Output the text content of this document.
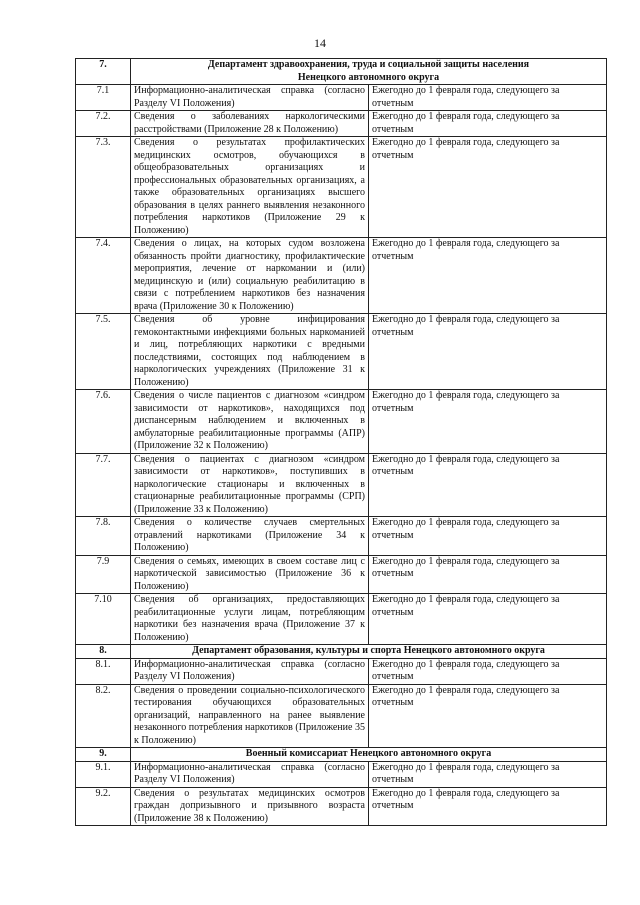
14
7.	Департамент здравоохранения, труда и социальной защиты населения
Ненецкого автономного округа	
7.1	Информационно-аналитическая справка (согласно Разделу VI Положения)	Ежегодно до 1 февраля года, следующего за отчетным
7.2.	Сведения о заболеваниях наркологическими расстройствами (Приложение 28 к Положению)	Ежегодно до 1 февраля года, следующего за отчетным
7.3.	Сведения о результатах профилактических медицинских осмотров, обучающихся в общеобразовательных организациях и профессиональных образовательных организациях, а также образовательных организациях высшего образования в целях раннего выявления незаконного потребления наркотиков (Приложение 29 к Положению)	Ежегодно до 1 февраля года, следующего за отчетным
7.4.	Сведения о лицах, на которых судом возложена обязанность пройти диагностику, профилактические мероприятия, лечение от наркомании и (или) медицинскую и (или) социальную реабилитацию в связи с потреблением наркотиков без назначения врача (Приложение 30 к Положению)	Ежегодно до 1 февраля года, следующего за отчетным
7.5.	Сведения об уровне инфицирования гемоконтактными инфекциями больных наркоманией и лиц, потребляющих наркотики с вредными последствиями, состоящих под наблюдением в наркологических учреждениях (Приложение 31 к Положению)	Ежегодно до 1 февраля года, следующего за отчетным
7.6.	Сведения о числе пациентов с диагнозом «синдром зависимости от наркотиков», находящихся под диспансерным наблюдением и включенных в амбулаторные реабилитационные программы (АПР) (Приложение 32 к Положению)	Ежегодно до 1 февраля года, следующего за отчетным
7.7.	Сведения о пациентах с диагнозом «синдром зависимости от наркотиков», поступивших в наркологические стационары и включенных в стационарные реабилитационные программы (СРП) (Приложение 33 к Положению)	Ежегодно до 1 февраля года, следующего за отчетным
7.8.	Сведения о количестве случаев смертельных отравлений наркотиками (Приложение 34 к Положению)	Ежегодно до 1 февраля года, следующего за отчетным
7.9	Сведения о семьях, имеющих в своем составе лиц с наркотической зависимостью (Приложение 36 к Положению)	Ежегодно до 1 февраля года, следующего за отчетным
7.10	Сведения об организациях, предоставляющих реабилитационные услуги лицам, потребляющим наркотики без назначения врача (Приложение 37 к Положению)	Ежегодно до 1 февраля года, следующего за отчетным
8.	Департамент образования, культуры и спорта Ненецкого автономного округа	
8.1.	Информационно-аналитическая справка (согласно Разделу VI Положения)	Ежегодно до 1 февраля года, следующего за отчетным
8.2.	Сведения о проведении социально-психологического тестирования обучающихся образовательных организаций, направленного на ранее выявление незаконного потребления наркотиков (Приложение 35 к Положению)	Ежегодно до 1 февраля года, следующего за отчетным
9.	Военный комиссариат Ненецкого автономного округа	
9.1.	Информационно-аналитическая справка (согласно Разделу VI Положения)	Ежегодно до 1 февраля года, следующего за отчетным
9.2.	Сведения о результатах медицинских осмотров граждан допризывного и призывного возраста (Приложение 38 к Положению)	Ежегодно до 1 февраля года, следующего за отчетным
